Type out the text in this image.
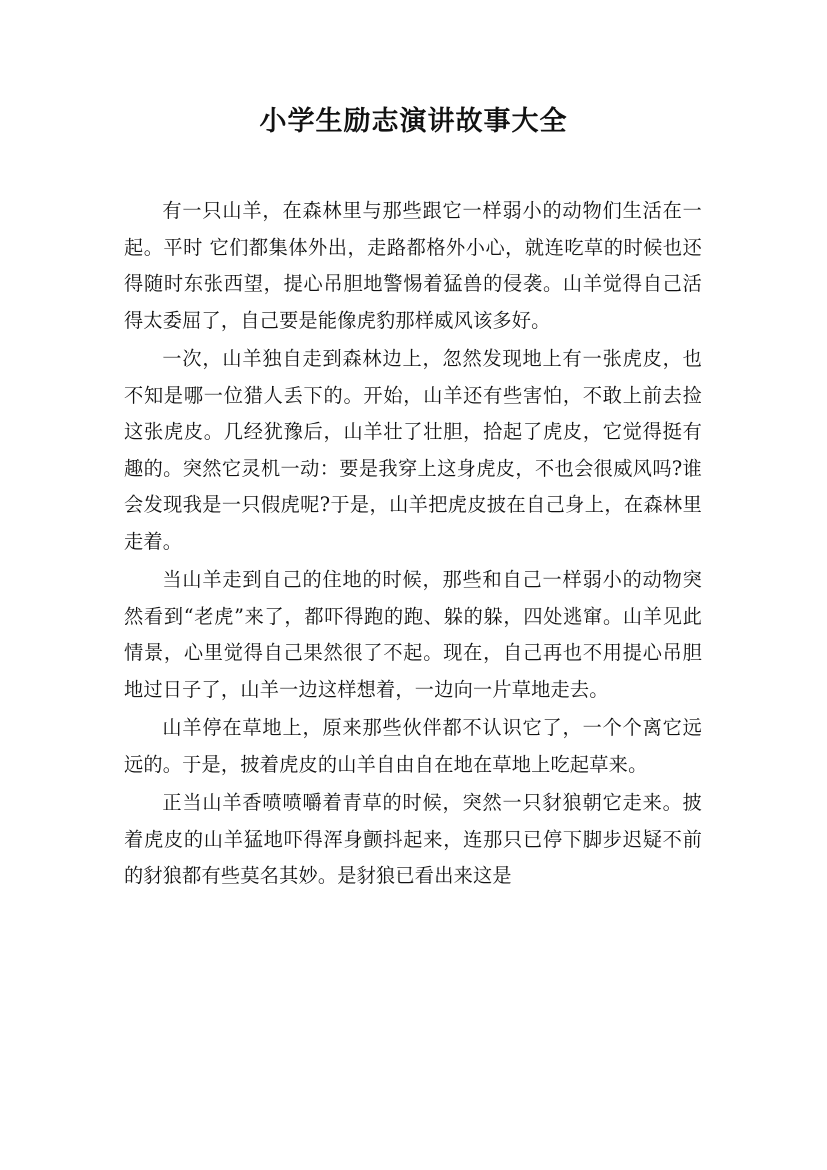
小学生励志演讲故事大全

有一只山羊，在森林里与那些跟它一样弱小的动物们生活在一起。平时 它们都集体外出，走路都格外小心，就连吃草的时候也还得随时东张西望，提心吊胆地警惕着猛兽的侵袭。山羊觉得自己活得太委屈了，自己要是能像虎豹那样威风该多好。

一次，山羊独自走到森林边上，忽然发现地上有一张虎皮，也不知是哪一位猎人丢下的。开始，山羊还有些害怕，不敢上前去捡这张虎皮。几经犹豫后，山羊壮了壮胆，拾起了虎皮，它觉得挺有趣的。突然它灵机一动：要是我穿上这身虎皮，不也会很威风吗?谁会发现我是一只假虎呢?于是，山羊把虎皮披在自己身上，在森林里走着。

当山羊走到自己的住地的时候，那些和自己一样弱小的动物突然看到“老虎”来了，都吓得跑的跑、躲的躲，四处逃窜。山羊见此情景，心里觉得自己果然很了不起。现在，自己再也不用提心吊胆地过日子了，山羊一边这样想着，一边向一片草地走去。

山羊停在草地上，原来那些伙伴都不认识它了，一个个离它远远的。于是，披着虎皮的山羊自由自在地在草地上吃起草来。

正当山羊香喷喷嚼着青草的时候，突然一只豺狼朝它走来。披着虎皮的山羊猛地吓得浑身颤抖起来，连那只已停下脚步迟疑不前的豺狼都有些莫名其妙。是豺狼已看出来这是
